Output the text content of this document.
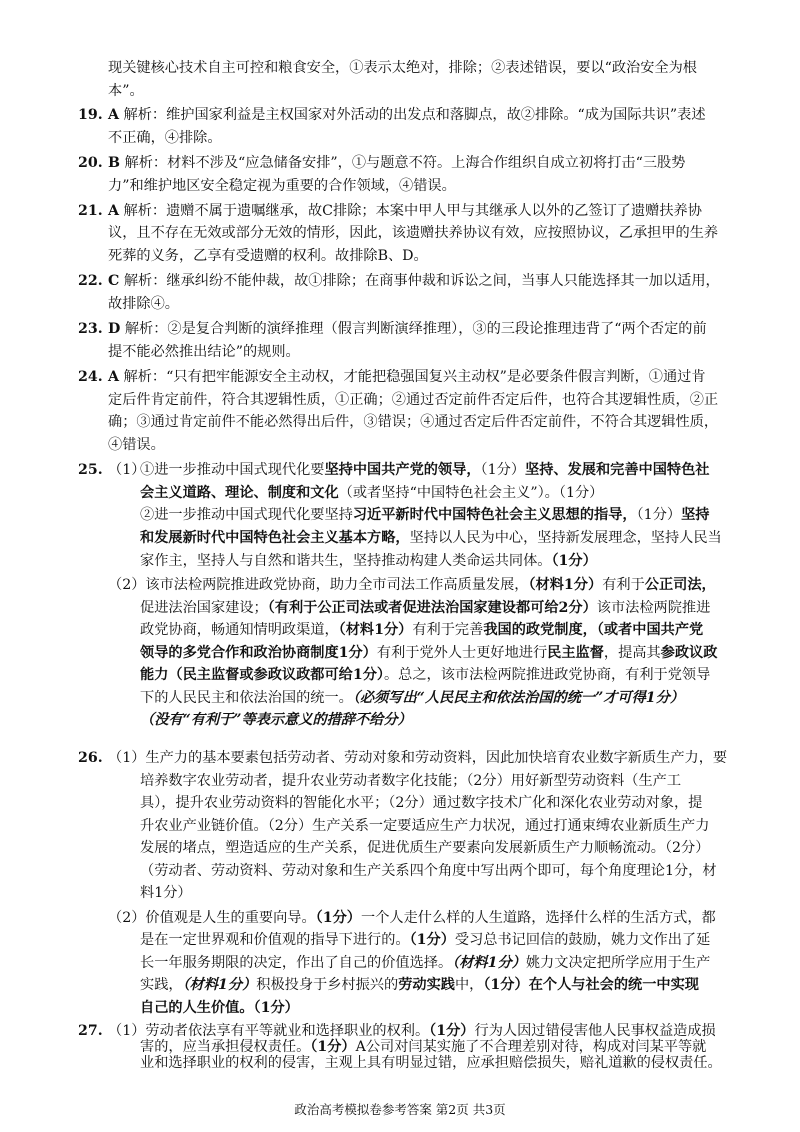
现关键核心技术自主可控和粮食安全，①表示太绝对，排除；②表述错误，要以“政治安全为根
本”。
19. A 解析：维护国家利益是主权国家对外活动的出发点和落脚点，故②排除。“成为国际共识”表述
不正确，④排除。
20. B 解析：材料不涉及“应急储备安排”，①与题意不符。上海合作组织自成立初将打击“三股势
力”和维护地区安全稳定视为重要的合作领域，④错误。
21. A 解析：遗赠不属于遗嘱继承，故C排除；本案中甲人甲与其继承人以外的乙签订了遗赠扶养协
议，且不存在无效或部分无效的情形，因此，该遗赠扶养协议有效，应按照协议，乙承担甲的生养
死葬的义务，乙享有受遗赠的权利。故排除B、D。
22. C 解析：继承纠纷不能仲裁，故①排除；在商事仲裁和诉讼之间，当事人只能选择其一加以适用，
故排除④。
23. D 解析：②是复合判断的演绎推理（假言判断演绎推理），③的三段论推理违背了“两个否定的前
提不能必然推出结论”的规则。
24. A 解析：“只有把牢能源安全主动权，才能把稳强国复兴主动权”是必要条件假言判断，①通过肯
定后件肯定前件，符合其逻辑性质，①正确；②通过否定前件否定后件，也符合其逻辑性质，②正
确；③通过肯定前件不能必然得出后件，③错误；④通过否定后件否定前件，不符合其逻辑性质，
④错误。
25. （1）
①进一步推动中国式现代化要坚持中国共产党的领导，（1分）坚持、发展和完善中国特色社
会主义道路、理论、制度和文化（或者坚持“中国特色社会主义”）。（1分）
②进一步推动中国式现代化要坚持习近平新时代中国特色社会主义思想的指导，（1分）坚持
和发展新时代中国特色社会主义基本方略，坚持以人民为中心，坚持新发展理念，坚持人民当
家作主，坚持人与自然和谐共生，坚持推动构建人类命运共同体。（1分）
（2）该市法检两院推进政党协商，助力全市司法工作高质量发展，（材料1分）有利于公正司法，
促进法治国家建设；（有利于公正司法或者促进法治国家建设都可给2分）该市法检两院推进
政党协商，畅通知情明政渠道，（材料1分）有利于完善我国的政党制度，（或者中国共产党
领导的多党合作和政治协商制度1分）有利于党外人士更好地进行民主监督，提高其参政议政
能力（民主监督或参政议政都可给1分）。总之，该市法检两院推进政党协商，有利于党领导
下的人民民主和依法治国的统一。（必须写出“人民民主和依法治国的统一”才可得1分）
（没有“有利于”等表示意义的措辞不给分）
26. （1）生产力的基本要素包括劳动者、劳动对象和劳动资料，因此加快培育农业数字新质生产力，要
培养数字农业劳动者，提升农业劳动者数字化技能；（2分）用好新型劳动资料（生产工
具），提升农业劳动资料的智能化水平；（2分）通过数字技术广化和深化农业劳动对象，提
升农业产业链价值。（2分）生产关系一定要适应生产力状况，通过打通束缚农业新质生产力
发展的堵点，塑造适应的生产关系，促进优质生产要素向发展新质生产力顺畅流动。（2分）
（劳动者、劳动资料、劳动对象和生产关系四个角度中写出两个即可，每个角度理论1分，材
料1分）
（2）价值观是人生的重要向导。（1分）一个人走什么样的人生道路，选择什么样的生活方式，都
是在一定世界观和价值观的指导下进行的。（1分）受习总书记回信的鼓励，姚力文作出了延
长一年服务期限的决定，作出了自己的价值选择。（材料1分）姚力文决定把所学应用于生产
实践，（材料1分）积极投身于乡村振兴的劳动实践中，（1分）在个人与社会的统一中实现
自己的人生价值。（1分）
27. （1）劳动者依法享有平等就业和选择职业的权利。（1分）行为人因过错侵害他人民事权益造成损
害的，应当承担侵权责任。（1分）A公司对闫某实施了不合理差别对待，构成对闫某平等就
业和选择职业的权利的侵害，主观上具有明显过错，应承担赔偿损失，赔礼道歉的侵权责任。
政治高考模拟卷参考答案 第2页 共3页
